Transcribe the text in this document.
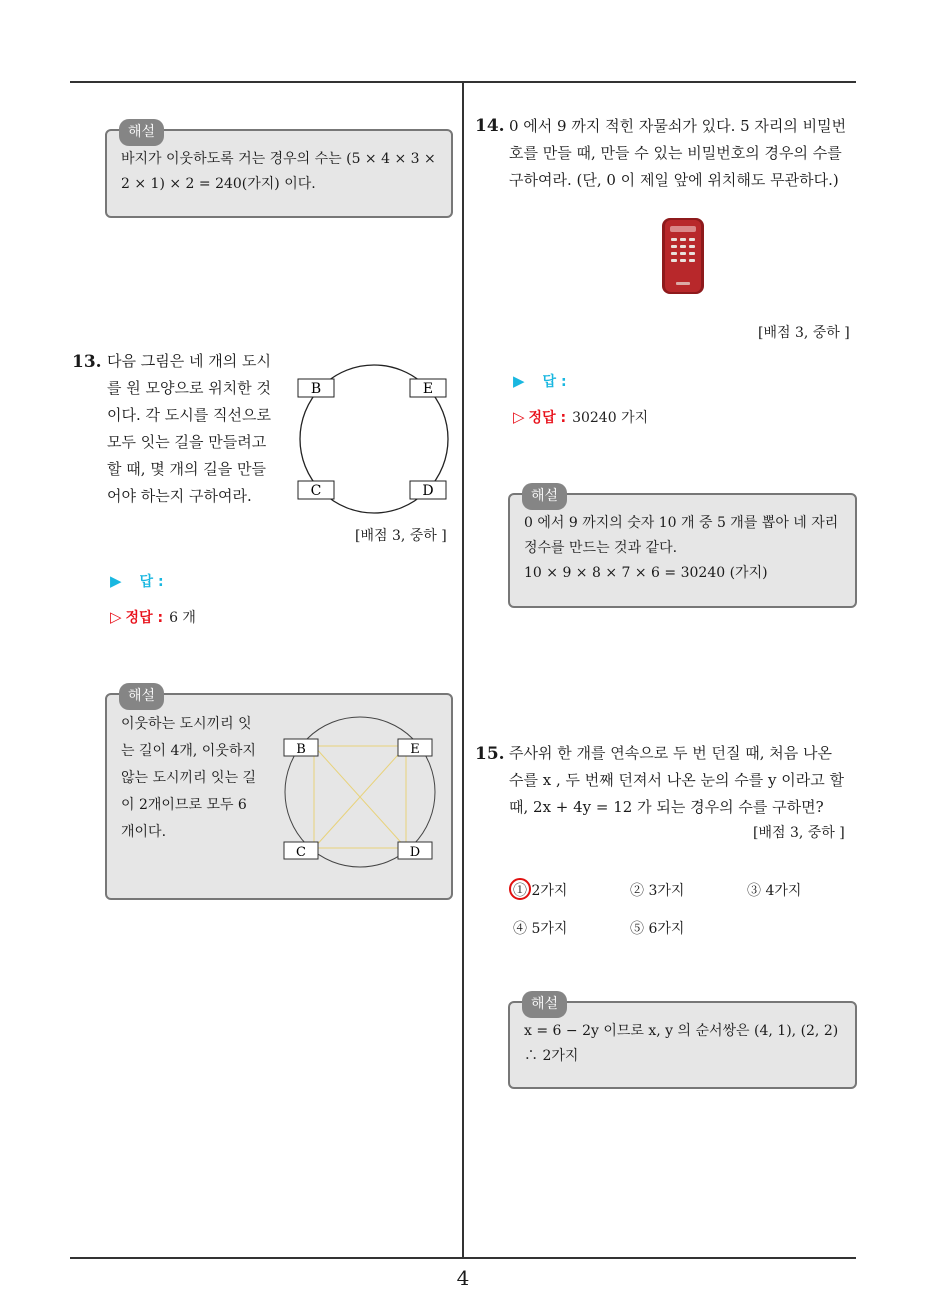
해설
바지가 이웃하도록 거는 경우의 수는 (5 × 4 × 3 ×
2 × 1) × 2 = 240(가지) 이다.
13. 다음 그림은 네 개의 도시
를 원 모양으로 위치한 것
이다. 각 도시를 직선으로
모두 잇는 길을 만들려고
할 때, 몇 개의 길을 만들
어야 하는지 구하여라.
B	E
C	D
[배점 3, 중하 ]
▶ 답 :
▷ 정답 : 6 개
해설
이웃하는 도시끼리 잇
는 길이 4개, 이웃하지
않는 도시끼리 잇는 길
이 2개이므로 모두 6
개이다.
B	E
C	D
14. 0 에서 9 까지 적힌 자물쇠가 있다. 5 자리의 비밀번
호를 만들 때, 만들 수 있는 비밀번호의 경우의 수를
구하여라. (단, 0 이 제일 앞에 위치해도 무관하다.)
[배점 3, 중하 ]
▶ 답 :
▷ 정답 : 30240 가지
해설
0 에서 9 까지의 숫자 10 개 중 5 개를 뽑아 네 자리
정수를 만드는 것과 같다.
10 × 9 × 8 × 7 × 6 = 30240 (가지)
15. 주사위 한 개를 연속으로 두 번 던질 때, 처음 나온
수를 x , 두 번째 던져서 나온 눈의 수를 y 이라고 할
때, 2x + 4y = 12 가 되는 경우의 수를 구하면?
[배점 3, 중하 ]
① 2가지	② 3가지	③ 4가지
④ 5가지	⑤ 6가지
해설
x = 6 − 2y 이므로 x, y 의 순서쌍은 (4, 1), (2, 2)
∴ 2가지
4
